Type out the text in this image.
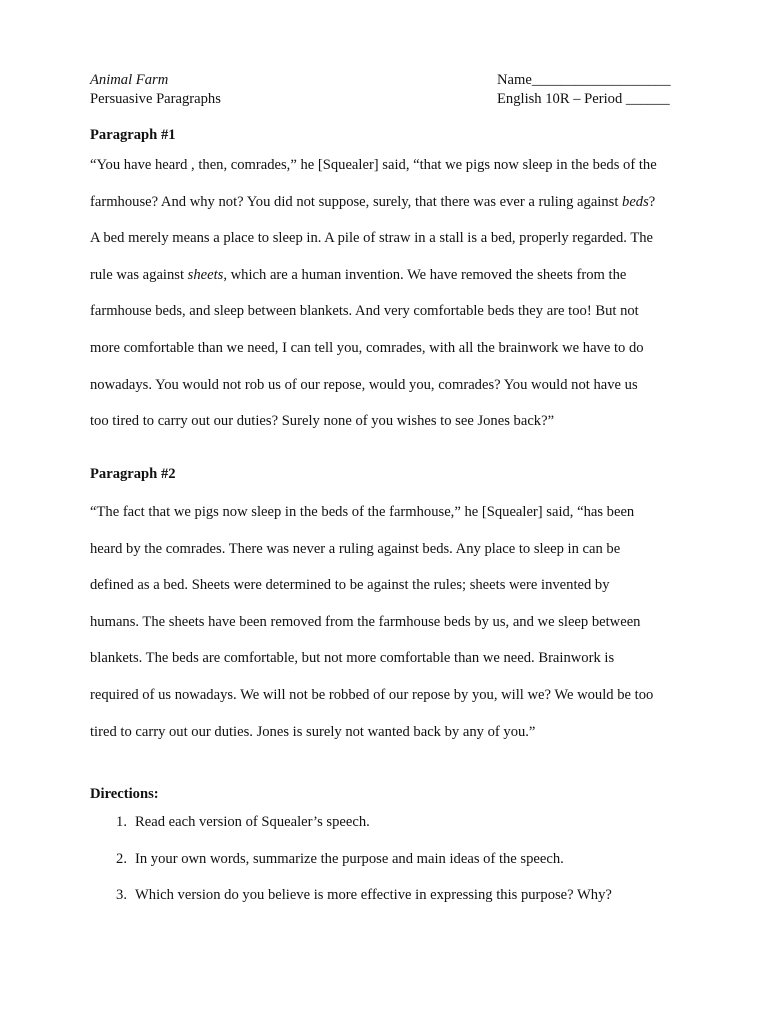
Animal Farm
Persuasive Paragraphs
Name___________________
English 10R – Period ______
Paragraph #1
“You have heard , then, comrades,” he [Squealer] said, “that we pigs now sleep in the beds of the
farmhouse? And why not? You did not suppose, surely, that there was ever a ruling against beds?
A bed merely means a place to sleep in. A pile of straw in a stall is a bed, properly regarded. The
rule was against sheets, which are a human invention. We have removed the sheets from the
farmhouse beds, and sleep between blankets. And very comfortable beds they are too! But not
more comfortable than we need, I can tell you, comrades, with all the brainwork we have to do
nowadays. You would not rob us of our repose, would you, comrades? You would not have us
too tired to carry out our duties? Surely none of you wishes to see Jones back?”
Paragraph #2
“The fact that we pigs now sleep in the beds of the farmhouse,” he [Squealer] said, “has been
heard by the comrades. There was never a ruling against beds. Any place to sleep in can be
defined as a bed. Sheets were determined to be against the rules; sheets were invented by
humans. The sheets have been removed from the farmhouse beds by us, and we sleep between
blankets. The beds are comfortable, but not more comfortable than we need. Brainwork is
required of us nowadays. We will not be robbed of our repose by you, will we? We would be too
tired to carry out our duties. Jones is surely not wanted back by any of you.”
Directions:
1. Read each version of Squealer’s speech.
2. In your own words, summarize the purpose and main ideas of the speech.
3. Which version do you believe is more effective in expressing this purpose? Why?
